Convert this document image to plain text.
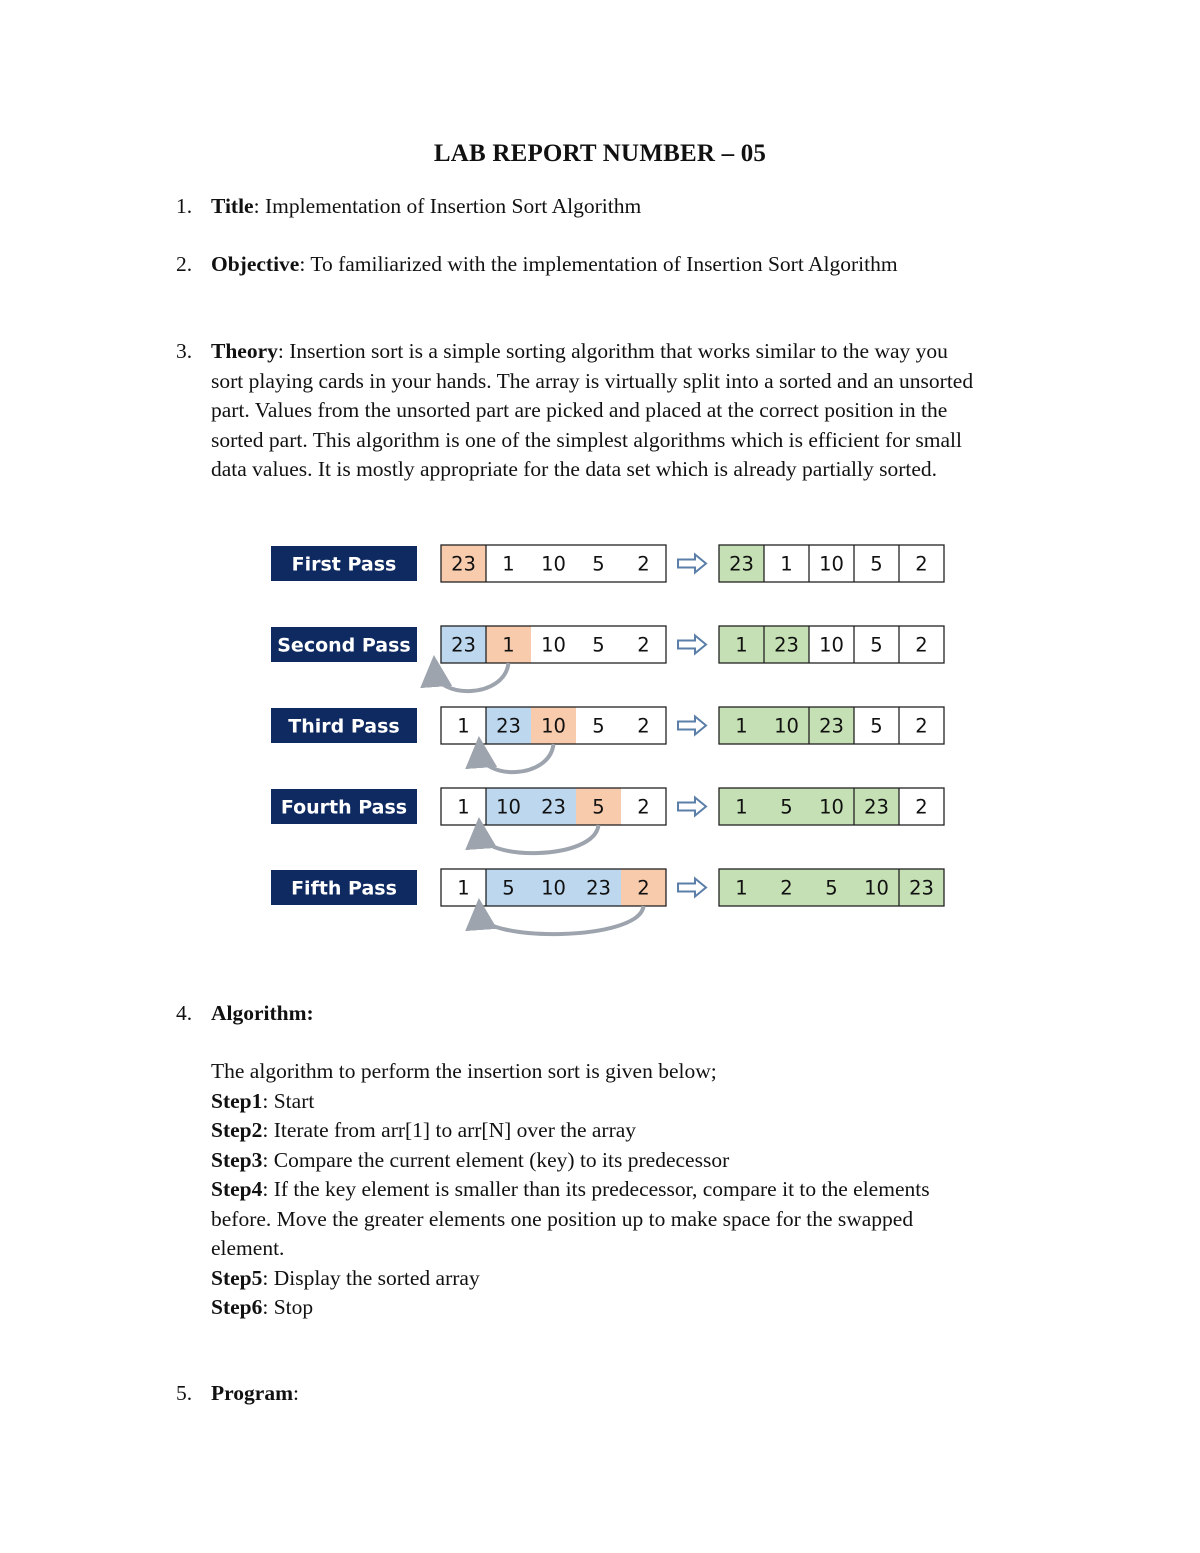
LAB REPORT NUMBER – 05
1. Title: Implementation of Insertion Sort Algorithm
2. Objective: To familiarized with the implementation of Insertion Sort Algorithm
3. Theory: Insertion sort is a simple sorting algorithm that works similar to the way you
sort playing cards in your hands. The array is virtually split into a sorted and an unsorted
part. Values from the unsorted part are picked and placed at the correct position in the
sorted part. This algorithm is one of the simplest algorithms which is efficient for small
data values. It is mostly appropriate for the data set which is already partially sorted.
First Pass	23 1 10 5 2	23 1 10 5 2
Second Pass 23 1 10 5 2	1 23 10 5 2
Third Pass	1 23 10 5 2	1 10 23 5 2
Fourth Pass	1 10 23 5 2	1 5 10 23 2
Fifth Pass	1 5 10 23 2	1 2 5 10 23
4. Algorithm:
The algorithm to perform the insertion sort is given below;
Step1: Start
Step2: Iterate from arr[1] to arr[N] over the array
Step3: Compare the current element (key) to its predecessor
Step4: If the key element is smaller than its predecessor, compare it to the elements
before. Move the greater elements one position up to make space for the swapped
element.
Step5: Display the sorted array
Step6: Stop
5. Program:
